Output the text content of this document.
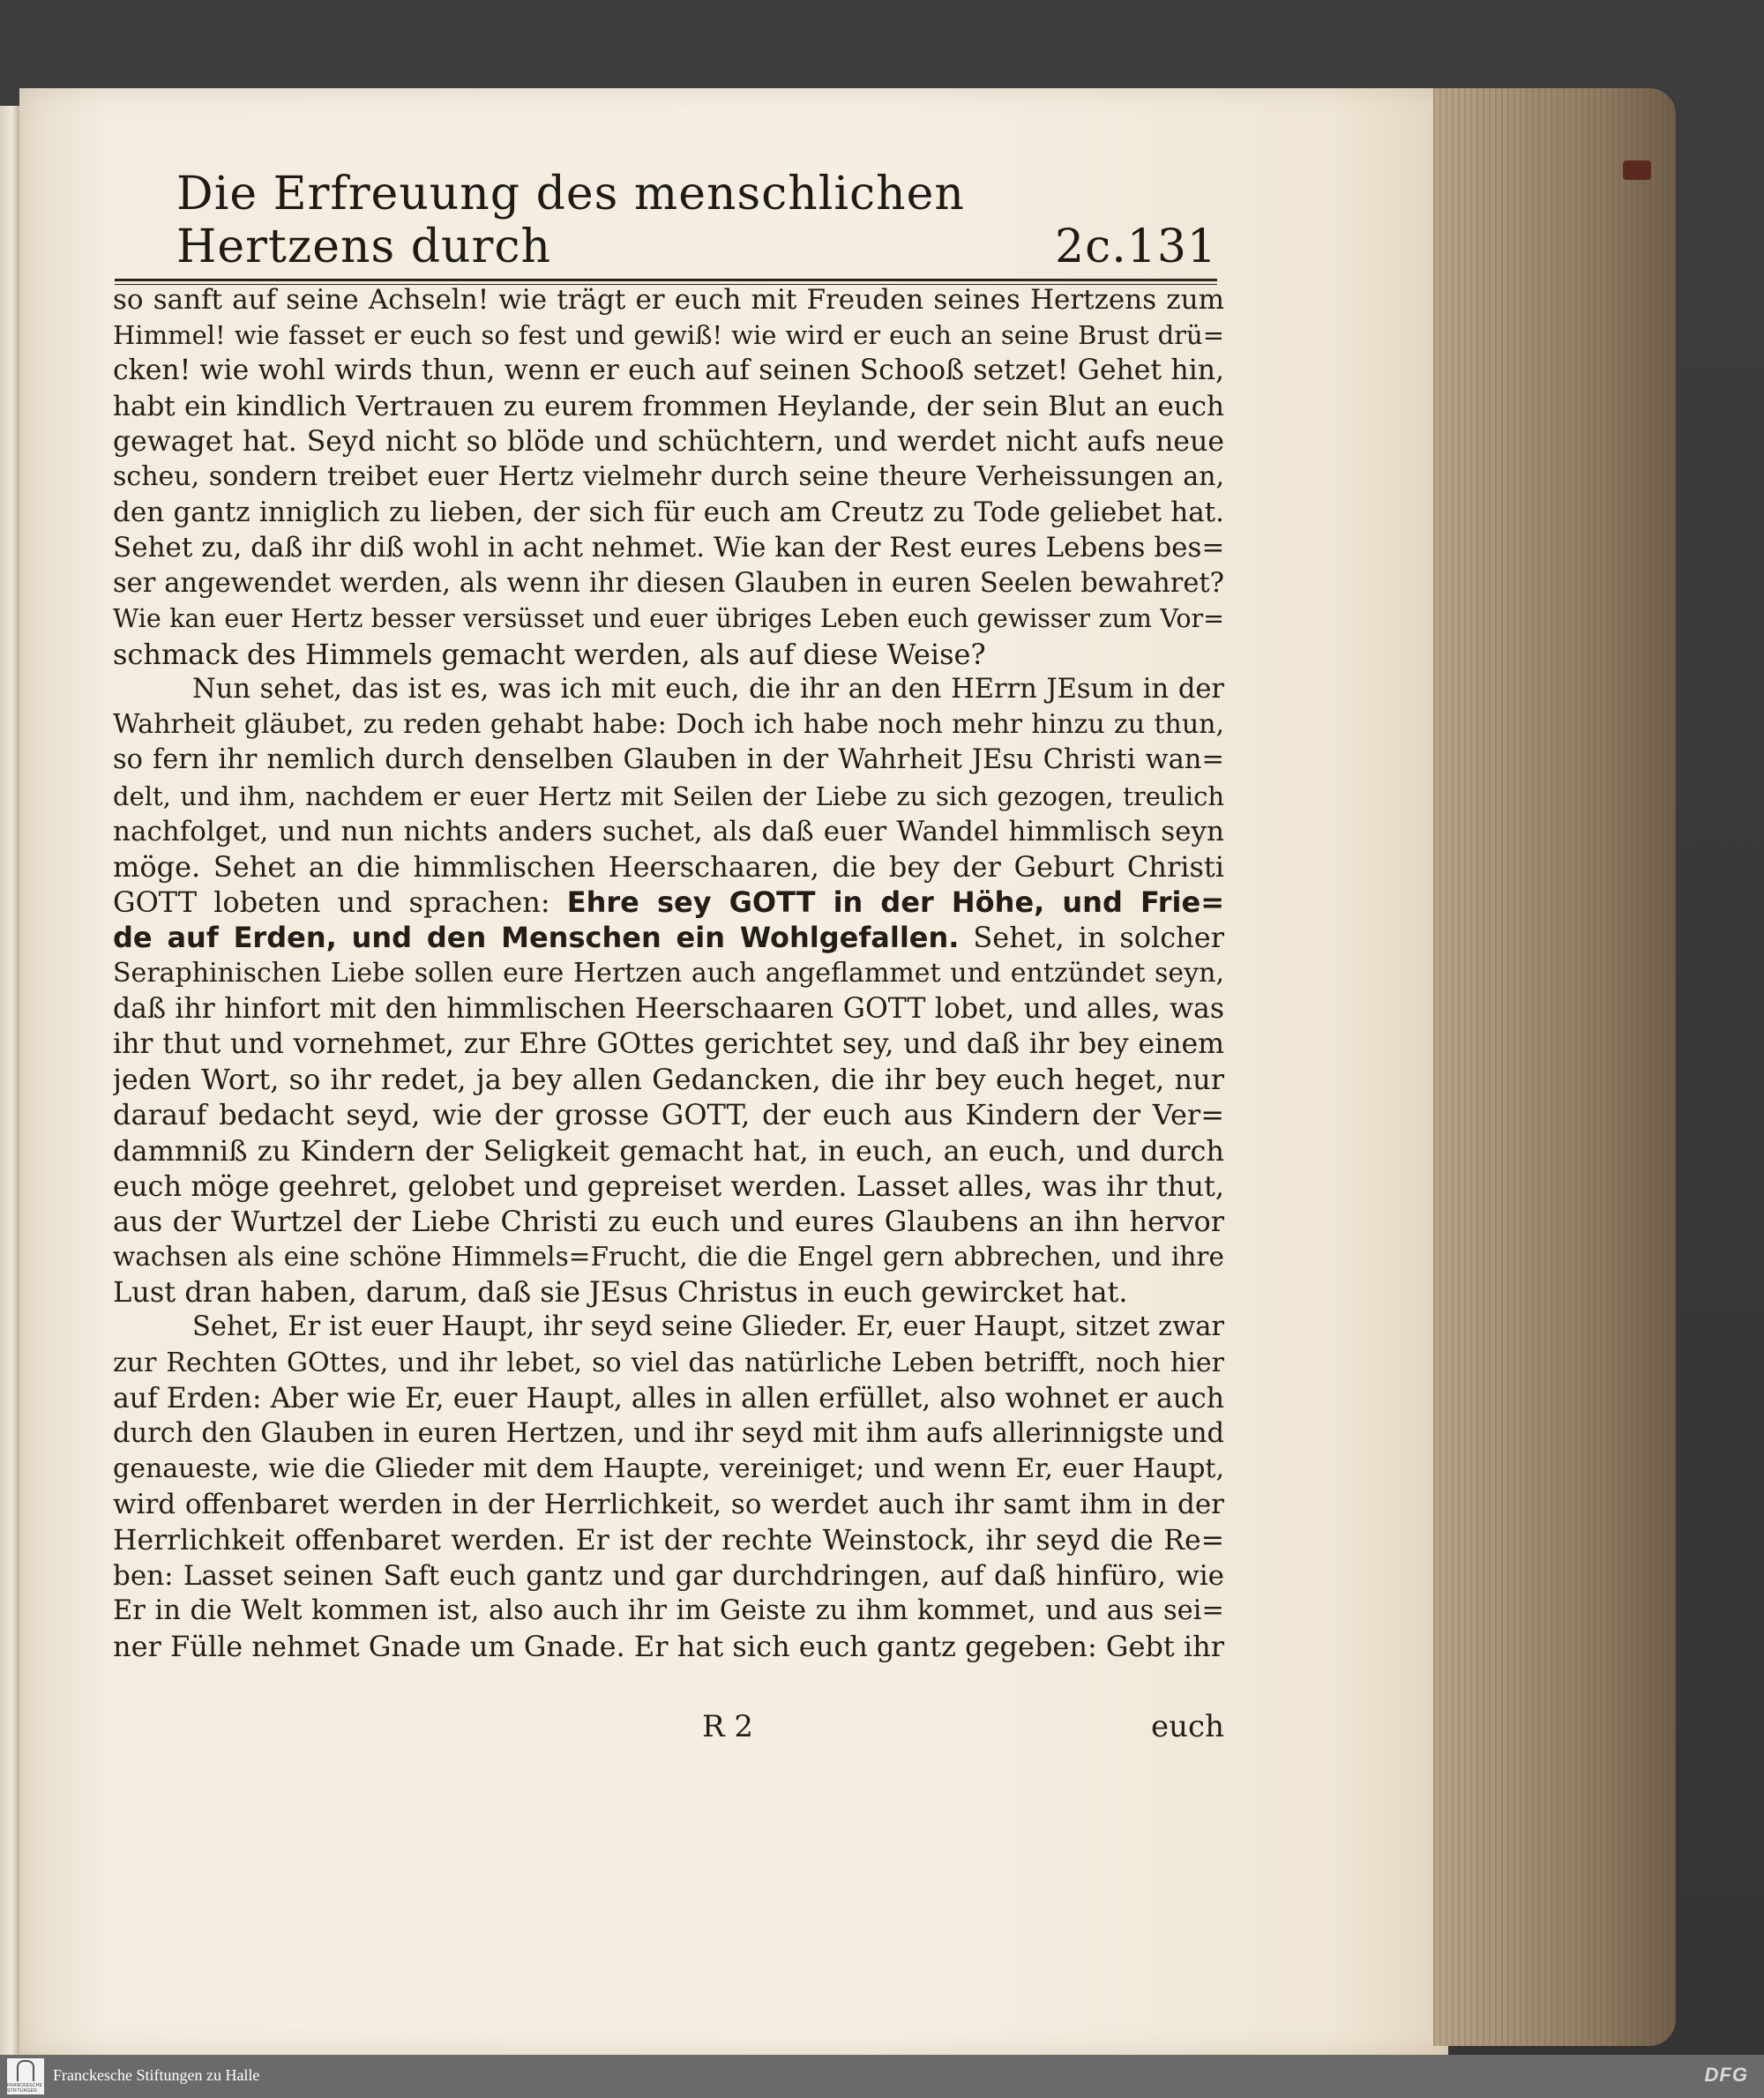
Die Erfreuung des menschlichen Hertzens durch	2c. 131
so sanft auf seine Achseln! wie trägt er euch mit Freuden seines Hertzens zum
Himmel! wie fasset er euch so fest und gewiß! wie wird er euch an seine Brust drü=
cken! wie wohl wirds thun, wenn er euch auf seinen Schooß setzet! Gehet hin,
habt ein kindlich Vertrauen zu eurem frommen Heylande, der sein Blut an euch
gewaget hat. Seyd nicht so blöde und schüchtern, und werdet nicht aufs neue
scheu, sondern treibet euer Hertz vielmehr durch seine theure Verheissungen an,
den gantz inniglich zu lieben, der sich für euch am Creutz zu Tode geliebet hat.
Sehet zu, daß ihr diß wohl in acht nehmet. Wie kan der Rest eures Lebens bes=
ser angewendet werden, als wenn ihr diesen Glauben in euren Seelen bewahret?
Wie kan euer Hertz besser versüsset und euer übriges Leben euch gewisser zum Vor=
schmack des Himmels gemacht werden, als auf diese Weise?
Nun sehet, das ist es, was ich mit euch, die ihr an den HErrn JEsum in der
Wahrheit gläubet, zu reden gehabt habe: Doch ich habe noch mehr hinzu zu thun,
so fern ihr nemlich durch denselben Glauben in der Wahrheit JEsu Christi wan=
delt, und ihm, nachdem er euer Hertz mit Seilen der Liebe zu sich gezogen, treulich
nachfolget, und nun nichts anders suchet, als daß euer Wandel himmlisch seyn
möge. Sehet an die himmlischen Heerschaaren, die bey der Geburt Christi
GOTT lobeten und sprachen: Ehre sey GOTT in der Höhe, und Frie=
de auf Erden, und den Menschen ein Wohlgefallen. Sehet, in solcher
Seraphinischen Liebe sollen eure Hertzen auch angeflammet und entzündet seyn,
daß ihr hinfort mit den himmlischen Heerschaaren GOTT lobet, und alles, was
ihr thut und vornehmet, zur Ehre GOttes gerichtet sey, und daß ihr bey einem
jeden Wort, so ihr redet, ja bey allen Gedancken, die ihr bey euch heget, nur
darauf bedacht seyd, wie der grosse GOTT, der euch aus Kindern der Ver=
dammniß zu Kindern der Seligkeit gemacht hat, in euch, an euch, und durch
euch möge geehret, gelobet und gepreiset werden. Lasset alles, was ihr thut,
aus der Wurtzel der Liebe Christi zu euch und eures Glaubens an ihn hervor
wachsen als eine schöne Himmels=Frucht, die die Engel gern abbrechen, und ihre
Lust dran haben, darum, daß sie JEsus Christus in euch gewircket hat.
Sehet, Er ist euer Haupt, ihr seyd seine Glieder. Er, euer Haupt, sitzet zwar
zur Rechten GOttes, und ihr lebet, so viel das natürliche Leben betrifft, noch hier
auf Erden: Aber wie Er, euer Haupt, alles in allen erfüllet, also wohnet er auch
durch den Glauben in euren Hertzen, und ihr seyd mit ihm aufs allerinnigste und
genaueste, wie die Glieder mit dem Haupte, vereiniget; und wenn Er, euer Haupt,
wird offenbaret werden in der Herrlichkeit, so werdet auch ihr samt ihm in der
Herrlichkeit offenbaret werden. Er ist der rechte Weinstock, ihr seyd die Re=
ben: Lasset seinen Saft euch gantz und gar durchdringen, auf daß hinfüro, wie
Er in die Welt kommen ist, also auch ihr im Geiste zu ihm kommet, und aus sei=
ner Fülle nehmet Gnade um Gnade. Er hat sich euch gantz gegeben: Gebt ihr
R 2	euch
FRANCKESCHE STIFTUNGEN
Franckesche Stiftungen zu Halle	DFG
